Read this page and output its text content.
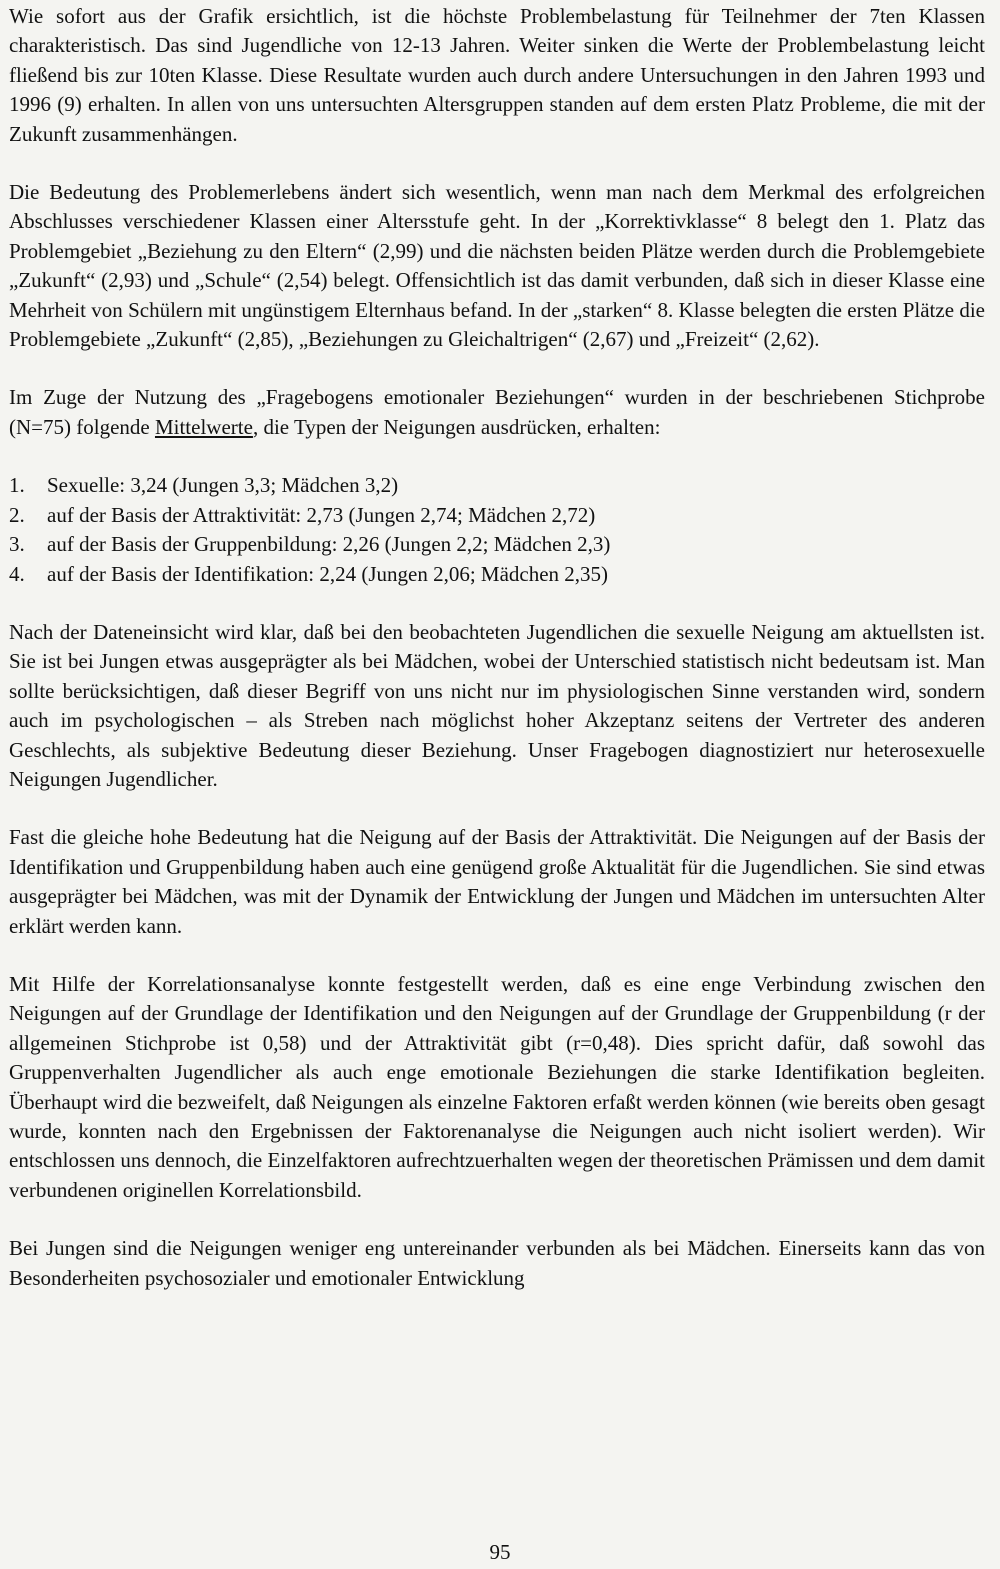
Wie sofort aus der Grafik ersichtlich, ist die höchste Problembelastung für Teilnehmer der 7ten Klassen charakteristisch. Das sind Jugendliche von 12-13 Jahren. Weiter sinken die Werte der Problembelastung leicht fließend bis zur 10ten Klasse. Diese Resultate wurden auch durch andere Untersuchungen in den Jahren 1993 und 1996 (9) erhalten. In allen von uns untersuchten Altersgruppen standen auf dem ersten Platz Probleme, die mit der Zukunft zusammenhängen.

Die Bedeutung des Problemerlebens ändert sich wesentlich, wenn man nach dem Merkmal des erfolgreichen Abschlusses verschiedener Klassen einer Altersstufe geht. In der „Korrektivklasse“ 8 belegt den 1. Platz das Problemgebiet „Beziehung zu den Eltern“ (2,99) und die nächsten beiden Plätze werden durch die Problemgebiete „Zukunft“ (2,93) und „Schule“ (2,54) belegt. Offensichtlich ist das damit verbunden, daß sich in dieser Klasse eine Mehrheit von Schülern mit ungünstigem Elternhaus befand. In der „starken“ 8. Klasse belegten die ersten Plätze die Problemgebiete „Zukunft“ (2,85), „Beziehungen zu Gleichaltrigen“ (2,67) und „Freizeit“ (2,62).

Im Zuge der Nutzung des „Fragebogens emotionaler Beziehungen“ wurden in der beschriebenen Stichprobe (N=75) folgende Mittelwerte, die Typen der Neigungen ausdrücken, erhalten:

1.	Sexuelle: 3,24 (Jungen 3,3; Mädchen 3,2)
2.	auf der Basis der Attraktivität: 2,73 (Jungen 2,74; Mädchen 2,72)
3.	auf der Basis der Gruppenbildung: 2,26 (Jungen 2,2; Mädchen 2,3)
4.	auf der Basis der Identifikation: 2,24 (Jungen 2,06; Mädchen 2,35)

Nach der Dateneinsicht wird klar, daß bei den beobachteten Jugendlichen die sexuelle Neigung am aktuellsten ist. Sie ist bei Jungen etwas ausgeprägter als bei Mädchen, wobei der Unterschied statistisch nicht bedeutsam ist. Man sollte berücksichtigen, daß dieser Begriff von uns nicht nur im physiologischen Sinne verstanden wird, sondern auch im psychologischen – als Streben nach möglichst hoher Akzeptanz seitens der Vertreter des anderen Geschlechts, als subjektive Bedeutung dieser Beziehung. Unser Fragebogen diagnostiziert nur heterosexuelle Neigungen Jugendlicher.

Fast die gleiche hohe Bedeutung hat die Neigung auf der Basis der Attraktivität. Die Neigungen auf der Basis der Identifikation und Gruppenbildung haben auch eine genügend große Aktualität für die Jugendlichen. Sie sind etwas ausgeprägter bei Mädchen, was mit der Dynamik der Entwicklung der Jungen und Mädchen im untersuchten Alter erklärt werden kann.

Mit Hilfe der Korrelationsanalyse konnte festgestellt werden, daß es eine enge Verbindung zwischen den Neigungen auf der Grundlage der Identifikation und den Neigungen auf der Grundlage der Gruppenbildung (r der allgemeinen Stichprobe ist 0,58) und der Attraktivität gibt (r=0,48). Dies spricht dafür, daß sowohl das Gruppenverhalten Jugendlicher als auch enge emotionale Beziehungen die starke Identifikation begleiten. Überhaupt wird die bezweifelt, daß Neigungen als einzelne Faktoren erfaßt werden können (wie bereits oben gesagt wurde, konnten nach den Ergebnissen der Faktorenanalyse die Neigungen auch nicht isoliert werden). Wir entschlossen uns dennoch, die Einzelfaktoren aufrechtzuerhalten wegen der theoretischen Prämissen und dem damit verbundenen originellen Korrelationsbild.

Bei Jungen sind die Neigungen weniger eng untereinander verbunden als bei Mädchen. Einerseits kann das von Besonderheiten psychosozialer und emotionaler Entwicklung

95
